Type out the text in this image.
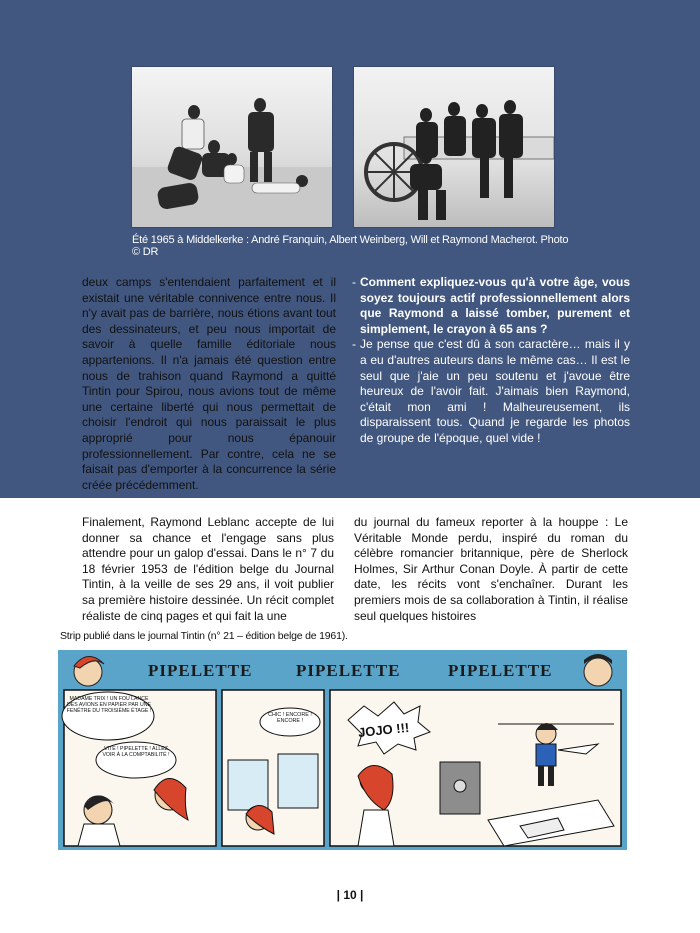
Été 1965 à Middelkerke : André Franquin, Albert Weinberg, Will et Raymond Macherot. Photo © DR

deux camps s'entendaient parfaitement et il existait une véritable connivence entre nous. Il n'y avait pas de barrière, nous étions avant tout des dessinateurs, et peu nous importait de savoir à quelle famille éditoriale nous appartenions. Il n'a jamais été question entre nous de trahison quand Raymond a quitté Tintin pour Spirou, nous avions tout de même une certaine liberté qui nous permettait de choisir l'endroit qui nous paraissait le plus approprié pour nous épanouir professionnellement. Par contre, cela ne se faisait pas d'emporter à la concurrence la série créée précédemment.

- Comment expliquez-vous qu'à votre âge, vous soyez toujours actif professionnellement alors que Raymond a laissé tomber, purement et simplement, le crayon à 65 ans ?
- Je pense que c'est dû à son caractère… mais il y a eu d'autres auteurs dans le même cas… Il est le seul que j'aie un peu soutenu et j'avoue être heureux de l'avoir fait. J'aimais bien Raymond, c'était mon ami ! Malheureusement, ils disparaissent tous. Quand je regarde les photos de groupe de l'époque, quel vide !

Finalement, Raymond Leblanc accepte de lui donner sa chance et l'engage sans plus attendre pour un galop d'essai. Dans le n° 7 du 18 février 1953 de l'édition belge du Journal Tintin, à la veille de ses 29 ans, il voit publier sa première histoire dessinée. Un récit complet réaliste de cinq pages et qui fait la une

du journal du fameux reporter à la houppe : Le Véritable Monde perdu, inspiré du roman du célèbre romancier britannique, père de Sherlock Holmes, Sir Arthur Conan Doyle. À partir de cette date, les récits vont s'enchaîner. Durant les premiers mois de sa collaboration à Tintin, il réalise seul quelques histoires

Strip publié dans le journal Tintin (n° 21 – édition belge de 1961).
PIPELETTE	PIPELETTE	PIPELETTE
MADAME TRIX ! UN FOU LANCE DES AVIONS EN PAPIER PAR UNE FENÊTRE DU TROISIÈME ÉTAGE !
VITE ! PIPELETTE ! ALLEZ VOIR À LA COMPTABILITÉ !
CHIC ! ENCORE ! ENCORE !	JOJO !!!
| 10 |
